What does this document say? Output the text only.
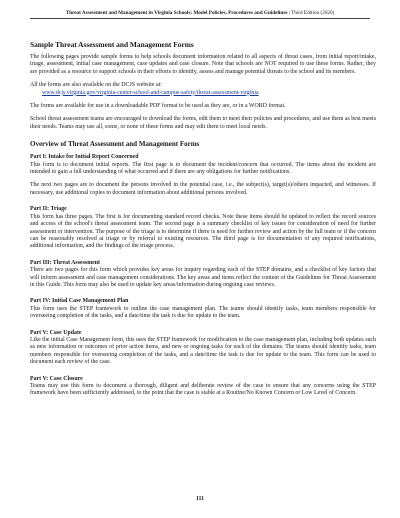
Threat Assessment and Management in Virginia Schools: Model Policies, Procedures and Guidelines | Third Edition (2020)
Sample Threat Assessment and Management Forms

The following pages provide sample forms to help schools document information related to all aspects of threat cases, from initial report/intake, triage, assessment, initial case management, case updates and case closure. Note that schools are NOT required to use these forms. Rather, they are provided as a resource to support schools in their efforts to identify, assess and manage potential threats to the school and its members.

All the forms are also available on the DCJS website at:

www.dcjs.virginia.gov/virginia-center-school-and-campus-safety/threat-assessment-virginia

The forms are available for use in a downloadable PDF format to be used as they are, or in a WORD format.

School threat assessment teams are encouraged to download the forms, edit them to meet their policies and procedures, and use them as best meets their needs. Teams may use all, some, or none of these forms and may edit them to meet local needs.

Overview of Threat Assessment and Management Forms
Part I: Intake for Initial Report Concerned

This form is to document initial reports. The first page is to document the incident/concern that occurred. The items about the incident are intended to gain a full understanding of what occurred and if there are any obligations for further notifications.

The next two pages are to document the persons involved in the potential case, i.e., the subject(s), target(s)/others impacted, and witnesses. If necessary, use additional copies to document information about additional persons involved.

Part II: Triage

This form has three pages. The first is for documenting standard record checks. Note these items should be updated to reflect the record sources and access of the school's threat assessment team. The second page is a summary checklist of key issues for consideration of need for further assessment or intervention. The purpose of the triage is to determine if there is need for further review and action by the full team or if the concern can be reasonably resolved at triage or by referral to existing resources. The third page is for documentation of any required notifications, additional information, and the findings of the triage process.

Part III: Threat Assessment

There are two pages for this form which provides key areas for inquiry regarding each of the STEP domains, and a checklist of key factors that will inform assessment and case management considerations. The key areas and items reflect the content of the Guidelines for Threat Assessment in this Guide. This form may also be used to update key areas/information during ongoing case reviews.

Part IV: Initial Case Management Plan

This form uses the STEP framework to outline the case management plan. The teams should identify tasks, team members responsible for overseeing completion of the tasks, and a date/time the task is due for update to the team.

Part V: Case Update

Like the initial Case Management form, this uses the STEP framework for modification to the case management plan, including both updates such as new information or outcomes of prior action items, and new or ongoing tasks for each of the domains. The teams should identify tasks, team members responsible for overseeing completion of the tasks, and a date/time the task is due for update to the team. This form can be used to document each review of the case.

Part V: Case Closure

Teams may use this form to document a thorough, diligent and deliberate review of the case to ensure that any concerns using the STEP framework have been sufficiently addressed, to the point that the case is stable at a Routine/No Known Concern or Low Level of Concern.

111
